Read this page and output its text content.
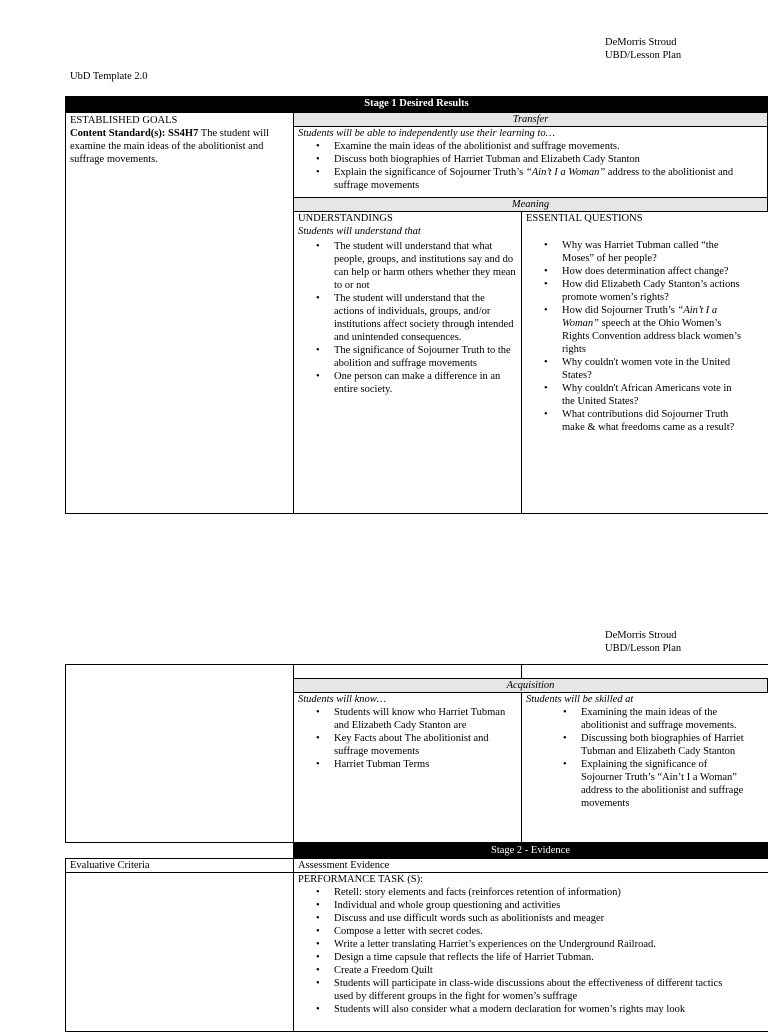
DeMorris Stroud
UBD/Lesson Plan
UbD Template 2.0
Stage 1 Desired Results
ESTABLISHED GOALS
Content Standard(s): SS4H7 The student will examine the main ideas of the abolitionist and suffrage movements.
Transfer
Students will be able to independently use their learning to…
• Examine the main ideas of the abolitionist and suffrage movements.
• Discuss both biographies of Harriet Tubman and Elizabeth Cady Stanton
• Explain the significance of Sojourner Truth’s “Ain’t I a Woman” address to the abolitionist and suffrage movements
Meaning
UNDERSTANDINGS
Students will understand that
• The student will understand that what people, groups, and institutions say and do can help or harm others whether they mean to or not
• The student will understand that the actions of individuals, groups, and/or institutions affect society through intended and unintended consequences.
• The significance of Sojourner Truth to the abolition and suffrage movements
• One person can make a difference in an entire society.
ESSENTIAL QUESTIONS
• Why was Harriet Tubman called “the Moses” of her people?
• How does determination affect change?
• How did Elizabeth Cady Stanton’s actions promote women’s rights?
• How did Sojourner Truth’s “Ain’t I a Woman” speech at the Ohio Women’s Rights Convention address black women’s rights
• Why couldn't women vote in the United States?
• Why couldn't African Americans vote in the United States?
• What contributions did Sojourner Truth make & what freedoms came as a result?
DeMorris Stroud
UBD/Lesson Plan
Acquisition
Students will know…
• Students will know who Harriet Tubman and Elizabeth Cady Stanton are
• Key Facts about The abolitionist and suffrage movements
• Harriet Tubman Terms
Students will be skilled at
• Examining the main ideas of the abolitionist and suffrage movements.
• Discussing both biographies of Harriet Tubman and Elizabeth Cady Stanton
• Explaining the significance of Sojourner Truth’s “Ain’t I a Woman” address to the abolitionist and suffrage movements
Stage 2 - Evidence
Evaluative Criteria	Assessment Evidence
PERFORMANCE TASK (S):
• Retell: story elements and facts (reinforces retention of information)
• Individual and whole group questioning and activities
• Discuss and use difficult words such as abolitionists and meager
• Compose a letter with secret codes.
• Write a letter translating Harriet’s experiences on the Underground Railroad.
• Design a time capsule that reflects the life of Harriet Tubman.
• Create a Freedom Quilt
• Students will participate in class-wide discussions about the effectiveness of different tactics used by different groups in the fight for women’s suffrage
• Students will also consider what a modern declaration for women’s rights may look
